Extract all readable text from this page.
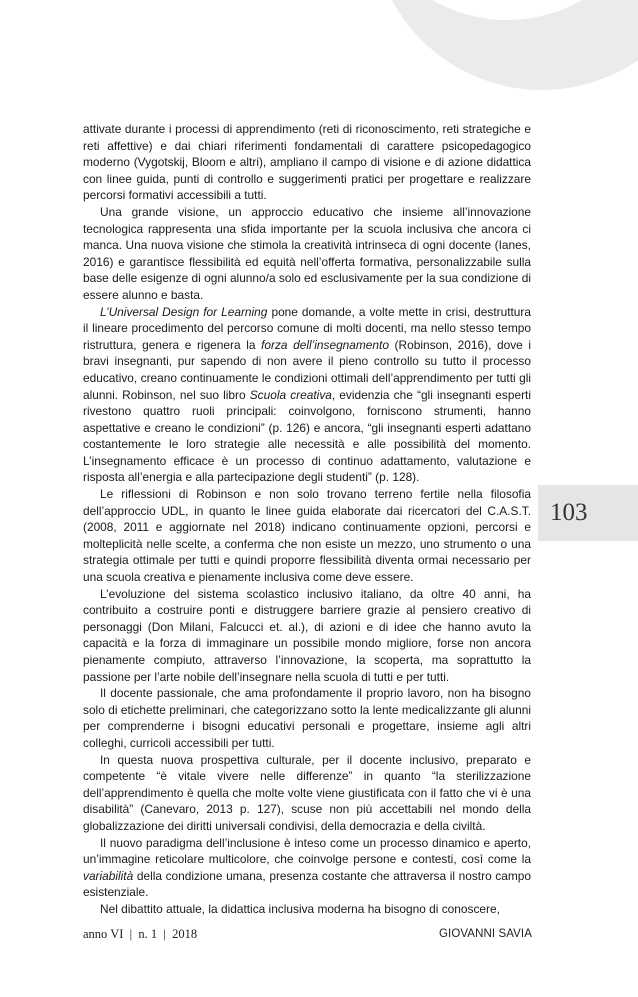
103

attivate durante i processi di apprendimento (reti di riconoscimento, reti strategiche e reti affettive) e dai chiari riferimenti fondamentali di carattere psicopedagogico moderno (Vygotskij, Bloom e altri), ampliano il campo di visione e di azione didattica con linee guida, punti di controllo e suggerimenti pratici per progettare e realizzare percorsi formativi accessibili a tutti.

Una grande visione, un approccio educativo che insieme all’innovazione tecnologica rappresenta una sfida importante per la scuola inclusiva che ancora ci manca. Una nuova visione che stimola la creatività intrinseca di ogni docente (Ianes, 2016) e garantisce flessibilità ed equità nell’offerta formativa, personalizzabile sulla base delle esigenze di ogni alunno/a solo ed esclusivamente per la sua condizione di essere alunno e basta.

L’Universal Design for Learning pone domande, a volte mette in crisi, destruttura il lineare procedimento del percorso comune di molti docenti, ma nello stesso tempo ristruttura, genera e rigenera la forza dell’insegnamento (Robinson, 2016), dove i bravi insegnanti, pur sapendo di non avere il pieno controllo su tutto il processo educativo, creano continuamente le condizioni ottimali dell’apprendimento per tutti gli alunni. Robinson, nel suo libro Scuola creativa, evidenzia che “gli insegnanti esperti rivestono quattro ruoli principali: coinvolgono, forniscono strumenti, hanno aspettative e creano le condizioni” (p. 126) e ancora, “gli insegnanti esperti adattano costantemente le loro strategie alle necessità e alle possibilità del momento. L’insegnamento efficace è un processo di continuo adattamento, valutazione e risposta all’energia e alla partecipazione degli studenti” (p. 128).

Le riflessioni di Robinson e non solo trovano terreno fertile nella filosofia dell’approccio UDL, in quanto le linee guida elaborate dai ricercatori del C.A.S.T. (2008, 2011 e aggiornate nel 2018) indicano continuamente opzioni, percorsi e molteplicità nelle scelte, a conferma che non esiste un mezzo, uno strumento o una strategia ottimale per tutti e quindi proporre flessibilità diventa ormai necessario per una scuola creativa e pienamente inclusiva come deve essere.

L’evoluzione del sistema scolastico inclusivo italiano, da oltre 40 anni, ha contribuito a costruire ponti e distruggere barriere grazie al pensiero creativo di personaggi (Don Milani, Falcucci et. al.), di azioni e di idee che hanno avuto la capacità e la forza di immaginare un possibile mondo migliore, forse non ancora pienamente compiuto, attraverso l’innovazione, la scoperta, ma soprattutto la passione per l’arte nobile dell’insegnare nella scuola di tutti e per tutti.

Il docente passionale, che ama profondamente il proprio lavoro, non ha bisogno solo di etichette preliminari, che categorizzano sotto la lente medicalizzante gli alunni per comprenderne i bisogni educativi personali e progettare, insieme agli altri colleghi, curricoli accessibili per tutti.

In questa nuova prospettiva culturale, per il docente inclusivo, preparato e competente “è vitale vivere nelle differenze” in quanto “la sterilizzazione dell’apprendimento è quella che molte volte viene giustificata con il fatto che vi è una disabilità” (Canevaro, 2013 p. 127), scuse non più accettabili nel mondo della globalizzazione dei diritti universali condivisi, della democrazia e della civiltà.

Il nuovo paradigma dell’inclusione è inteso come un processo dinamico e aperto, un’immagine reticolare multicolore, che coinvolge persone e contesti, così come la variabilità della condizione umana, presenza costante che attraversa il nostro campo esistenziale.

Nel dibattito attuale, la didattica inclusiva moderna ha bisogno di conoscere,

anno VI  |  n. 1  |  2018	GIOVANNI SAVIA
